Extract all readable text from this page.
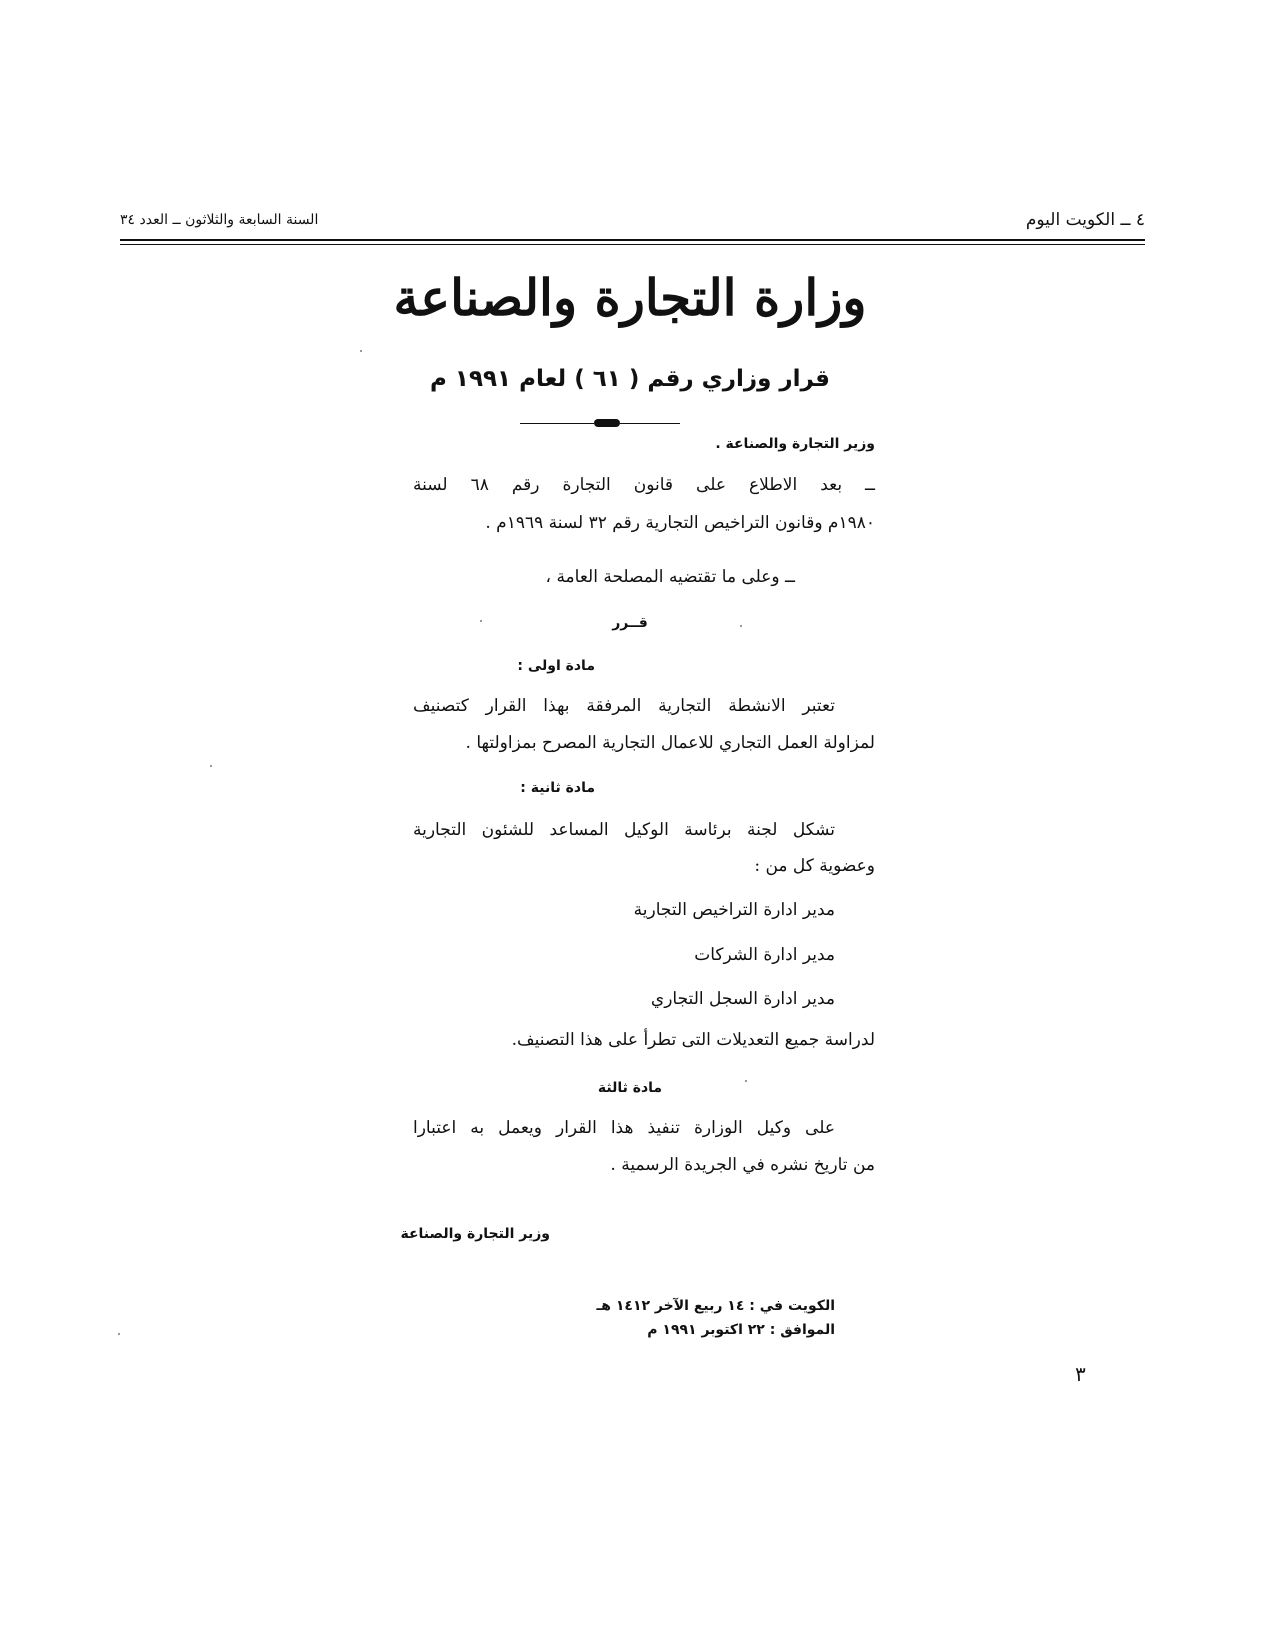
٤ ــ الكويت اليوم
السنة السابعة والثلاثون ــ العدد ٣٤
وزارة التجارة والصناعة
قرار وزاري رقم ( ٦١ ) لعام ١٩٩١ م
وزير التجارة والصناعة .
ــ بعد الاطلاع على قانون التجارة رقم ٦٨ لسنة
١٩٨٠م وقانون التراخيص التجارية رقم ٣٢ لسنة ١٩٦٩م .
ــ وعلى ما تقتضيه المصلحة العامة ،
قــرر
مادة اولى :
تعتبر الانشطة التجارية المرفقة بهذا القرار كتصنيف
لمزاولة العمل التجاري للاعمال التجارية المصرح بمزاولتها .
مادة ثانية :
تشكل لجنة برئاسة الوكيل المساعد للشئون التجارية
وعضوية كل من :
مدير ادارة التراخيص التجارية
مدير ادارة الشركات
مدير ادارة السجل التجاري
لدراسة جميع التعديلات التى تطرأ على هذا التصنيف.
مادة ثالثة
على وكيل الوزارة تنفيذ هذا القرار ويعمل به اعتبارا
من تاريخ نشره في الجريدة الرسمية .
وزير التجارة والصناعة
الكويت في : ١٤ ربيع الآخر ١٤١٢ هـ
الموافق : ٢٢ اكتوبر ١٩٩١ م
٣
